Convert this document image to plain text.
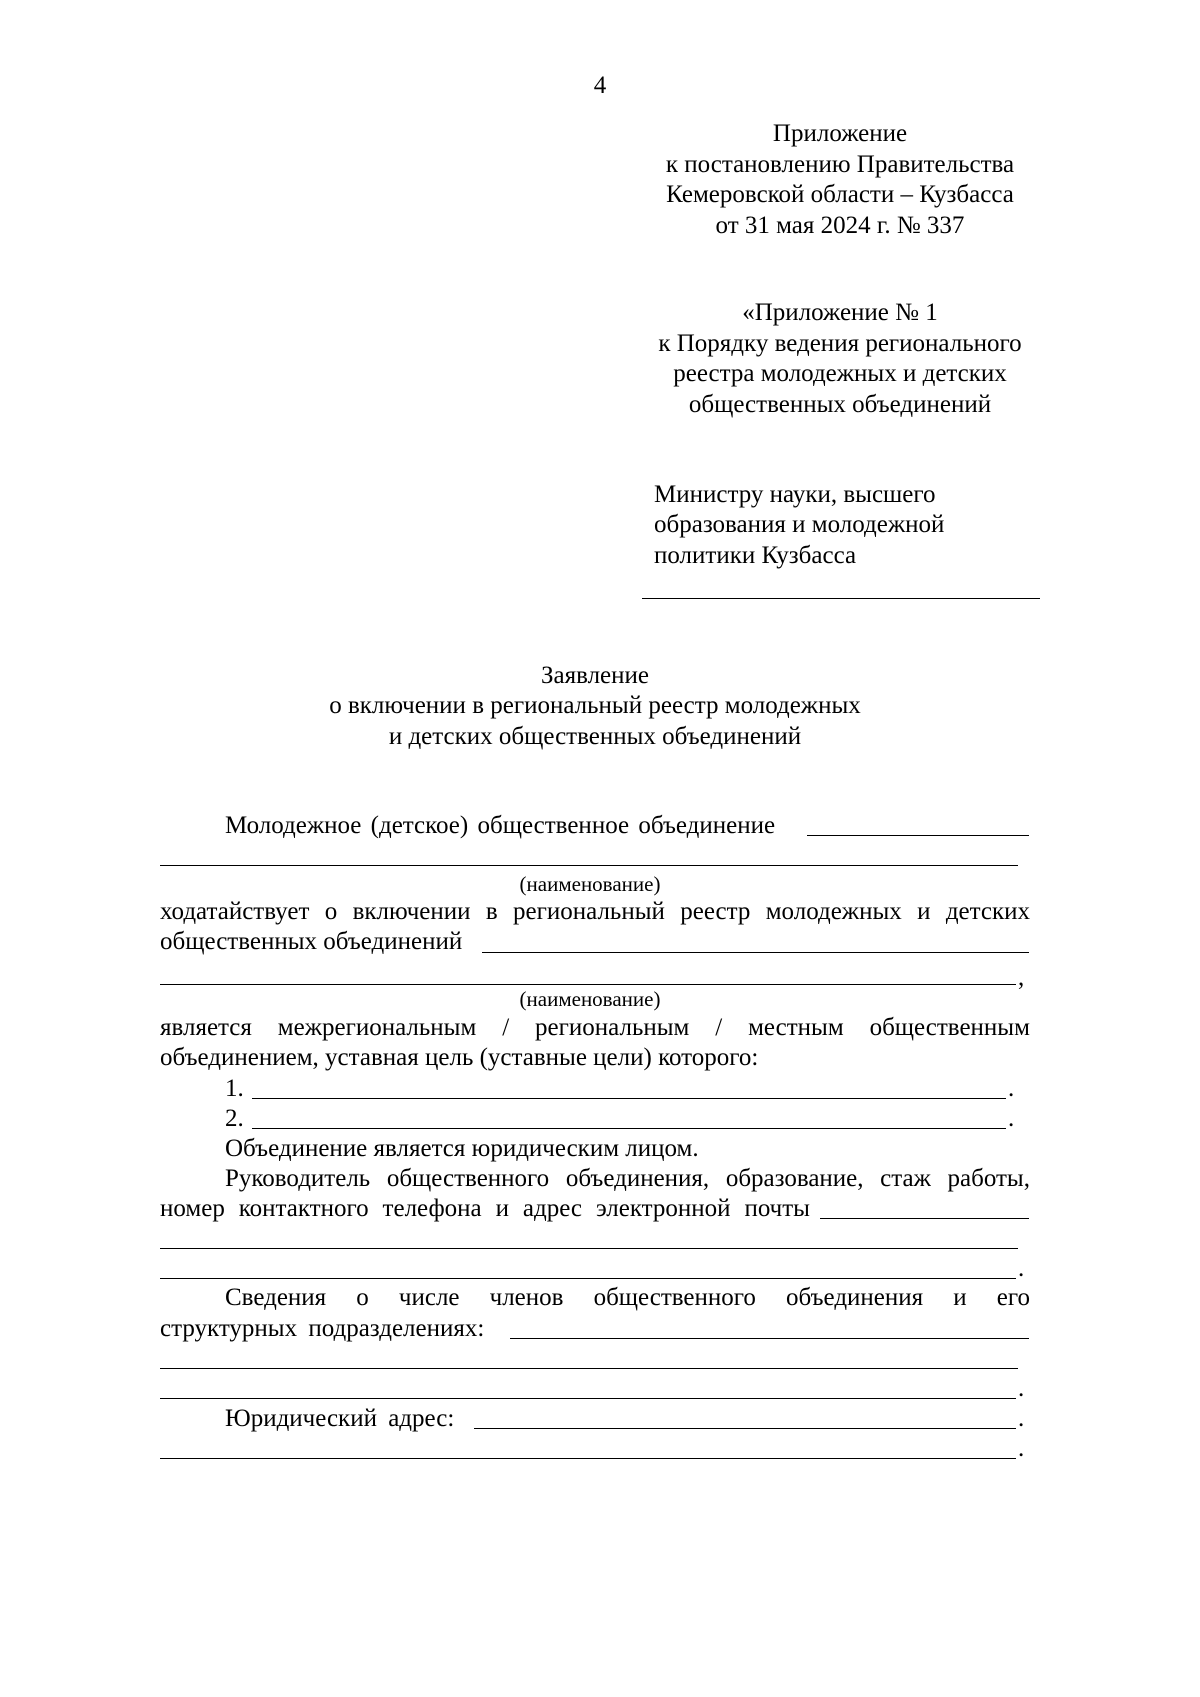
4
Приложение
к постановлению Правительства
Кемеровской области – Кузбасса
от 31 мая 2024 г. № 337
«Приложение № 1
к Порядку ведения регионального
реестра молодежных и детских
общественных объединений
Министру науки, высшего
образования и молодежной
политики Кузбасса
Заявление
о включении в региональный реестр молодежных
и детских общественных объединений
Молодежное (детское) общественное объединение
(наименование)
ходатайствует о включении в региональный реестр молодежных и детских
общественных объединений
,
(наименование)
является межрегиональным / региональным / местным общественным
объединением, уставная цель (уставные цели) которого:
1.	.
2.	.
Объединение является юридическим лицом.
Руководитель общественного объединения, образование, стаж работы,
номер контактного телефона и адрес электронной почты
.
Сведения о числе членов общественного объединения и его
структурных подразделениях:
.
Юридический адрес:	.
.
